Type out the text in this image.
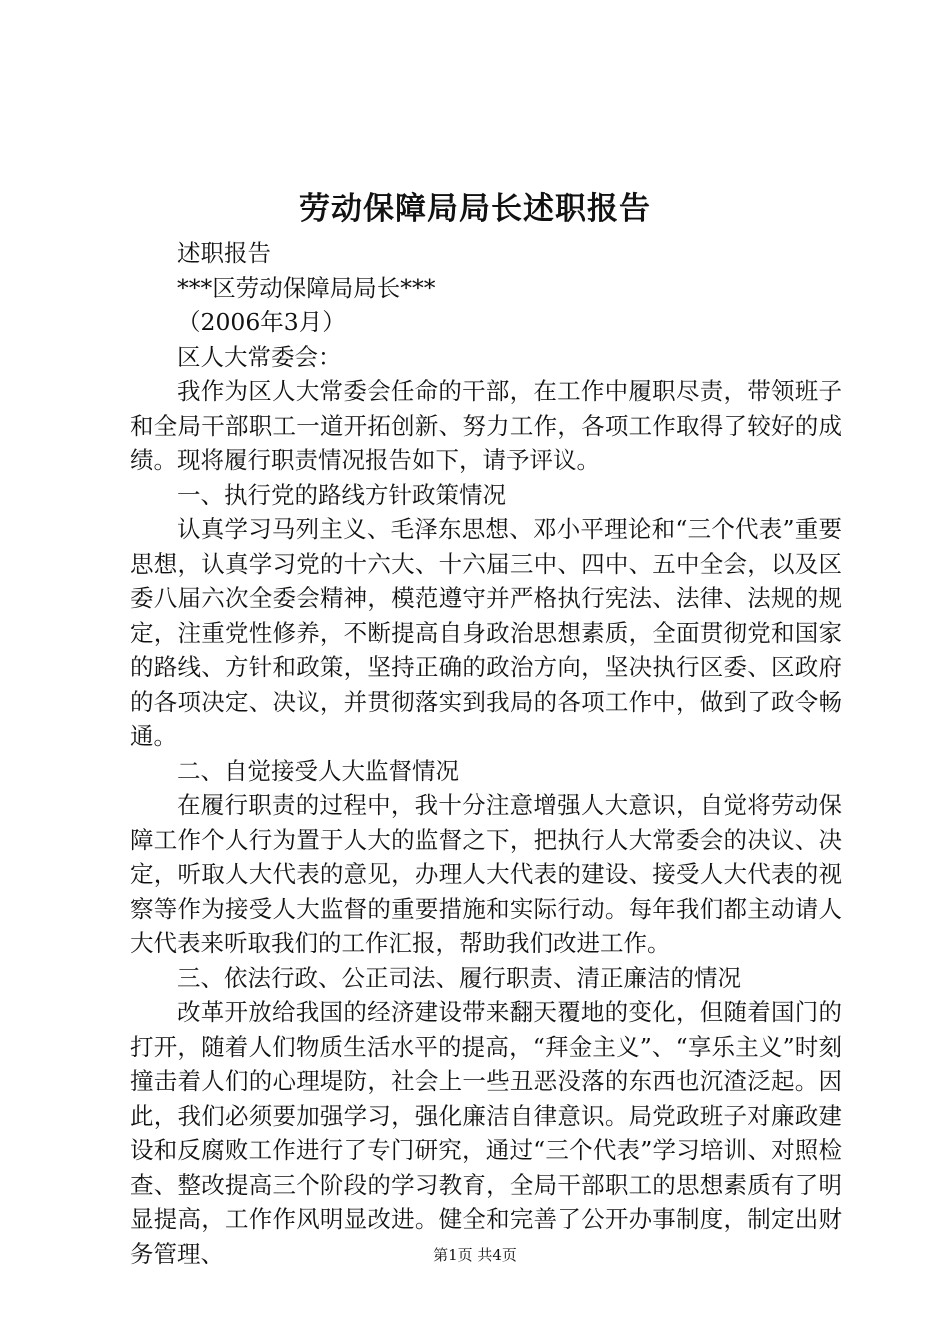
劳动保障局局长述职报告

述职报告

***区劳动保障局局长***

（2006年3月）

区人大常委会：

我作为区人大常委会任命的干部，在工作中履职尽责，带领班子和全局干部职工一道开拓创新、努力工作，各项工作取得了较好的成绩。现将履行职责情况报告如下，请予评议。

一、执行党的路线方针政策情况

认真学习马列主义、毛泽东思想、邓小平理论和“三个代表”重要思想，认真学习党的十六大、十六届三中、四中、五中全会，以及区委八届六次全委会精神，模范遵守并严格执行宪法、法律、法规的规定，注重党性修养，不断提高自身政治思想素质，全面贯彻党和国家的路线、方针和政策，坚持正确的政治方向，坚决执行区委、区政府的各项决定、决议，并贯彻落实到我局的各项工作中，做到了政令畅通。

二、自觉接受人大监督情况

在履行职责的过程中，我十分注意增强人大意识，自觉将劳动保障工作个人行为置于人大的监督之下，把执行人大常委会的决议、决定，听取人大代表的意见，办理人大代表的建设、接受人大代表的视察等作为接受人大监督的重要措施和实际行动。每年我们都主动请人大代表来听取我们的工作汇报，帮助我们改进工作。

三、依法行政、公正司法、履行职责、清正廉洁的情况

改革开放给我国的经济建设带来翻天覆地的变化，但随着国门的打开，随着人们物质生活水平的提高，“拜金主义”、“享乐主义”时刻撞击着人们的心理堤防，社会上一些丑恶没落的东西也沉渣泛起。因此，我们必须要加强学习，强化廉洁自律意识。局党政班子对廉政建设和反腐败工作进行了专门研究，通过“三个代表”学习培训、对照检查、整改提高三个阶段的学习教育，全局干部职工的思想素质有了明显提高，工作作风明显改进。健全和完善了公开办事制度，制定出财务管理、	第1页 共4页
